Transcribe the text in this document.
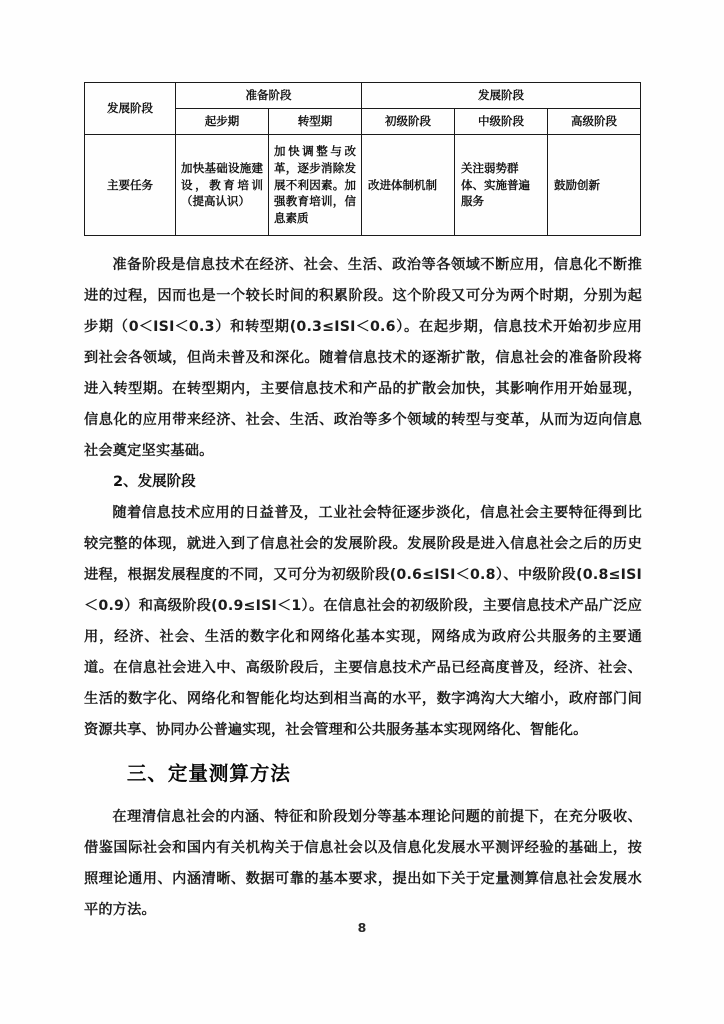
发展阶段	准备阶段		发展阶段		
	起步期	转型期	初级阶段	中级阶段	高级阶段
主要任务	加快基础设施建设，教育培训（提高认识）	加快调整与改革，逐步消除发展不利因素。加强教育培训，信息素质	改进体制机制	关注弱势群体、实施普遍服务	鼓励创新

准备阶段是信息技术在经济、社会、生活、政治等各领域不断应用，信息化不断推进的过程，因而也是一个较长时间的积累阶段。这个阶段又可分为两个时期，分别为起步期（0＜ISI＜0.3）和转型期(0.3≤ISI＜0.6）。在起步期，信息技术开始初步应用到社会各领域，但尚未普及和深化。随着信息技术的逐渐扩散，信息社会的准备阶段将进入转型期。在转型期内，主要信息技术和产品的扩散会加快，其影响作用开始显现，信息化的应用带来经济、社会、生活、政治等多个领域的转型与变革，从而为迈向信息社会奠定坚实基础。

2、发展阶段

随着信息技术应用的日益普及，工业社会特征逐步淡化，信息社会主要特征得到比较完整的体现，就进入到了信息社会的发展阶段。发展阶段是进入信息社会之后的历史进程，根据发展程度的不同，又可分为初级阶段(0.6≤ISI＜0.8）、中级阶段(0.8≤ISI＜0.9）和高级阶段(0.9≤ISI＜1）。在信息社会的初级阶段，主要信息技术产品广泛应用，经济、社会、生活的数字化和网络化基本实现，网络成为政府公共服务的主要通道。在信息社会进入中、高级阶段后，主要信息技术产品已经高度普及，经济、社会、生活的数字化、网络化和智能化均达到相当高的水平，数字鸿沟大大缩小，政府部门间资源共享、协同办公普遍实现，社会管理和公共服务基本实现网络化、智能化。

三、定量测算方法

在理清信息社会的内涵、特征和阶段划分等基本理论问题的前提下，在充分吸收、借鉴国际社会和国内有关机构关于信息社会以及信息化发展水平测评经验的基础上，按照理论通用、内涵清晰、数据可靠的基本要求，提出如下关于定量测算信息社会发展水平的方法。

8
